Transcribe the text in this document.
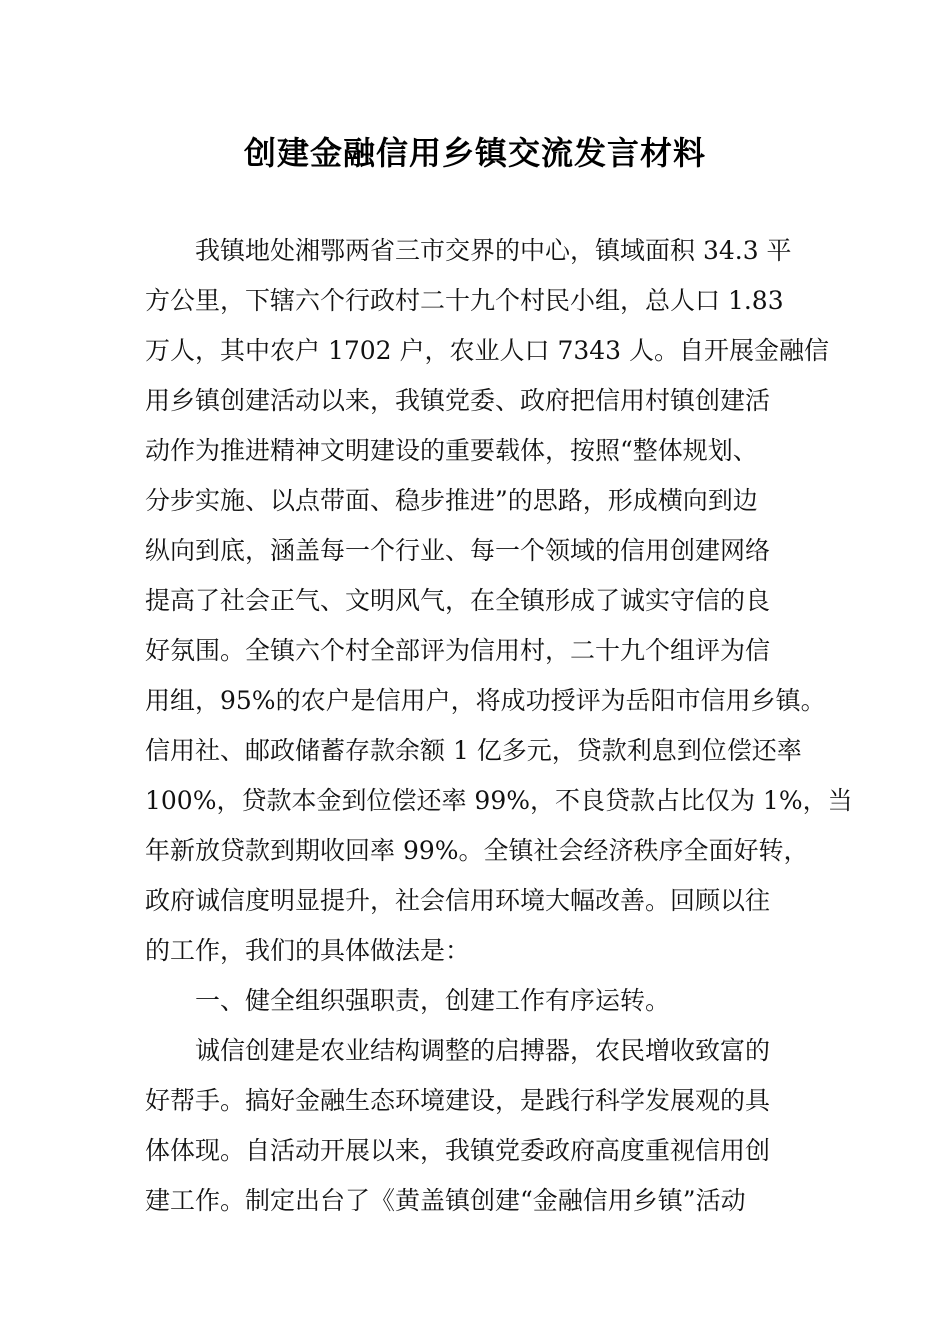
创建金融信用乡镇交流发言材料
我镇地处湘鄂两省三市交界的中心，镇域面积 34.3 平
方公里，下辖六个行政村二十九个村民小组，总人口 1.83
万人，其中农户 1702 户，农业人口 7343 人。自开展金融信
用乡镇创建活动以来，我镇党委、政府把信用村镇创建活
动作为推进精神文明建设的重要载体，按照“整体规划、
分步实施、以点带面、稳步推进”的思路，形成横向到边
纵向到底，涵盖每一个行业、每一个领域的信用创建网络
提高了社会正气、文明风气，在全镇形成了诚实守信的良
好氛围。全镇六个村全部评为信用村，二十九个组评为信
用组，95%的农户是信用户，将成功授评为岳阳市信用乡镇。
信用社、邮政储蓄存款余额 1 亿多元，贷款利息到位偿还率
100%，贷款本金到位偿还率 99%，不良贷款占比仅为 1%，当
年新放贷款到期收回率 99%。全镇社会经济秩序全面好转，
政府诚信度明显提升，社会信用环境大幅改善。回顾以往
的工作，我们的具体做法是：
一、健全组织强职责，创建工作有序运转。
诚信创建是农业结构调整的启搏器，农民增收致富的
好帮手。搞好金融生态环境建设，是践行科学发展观的具
体体现。自活动开展以来，我镇党委政府高度重视信用创
建工作。制定出台了《黄盖镇创建“金融信用乡镇”活动
